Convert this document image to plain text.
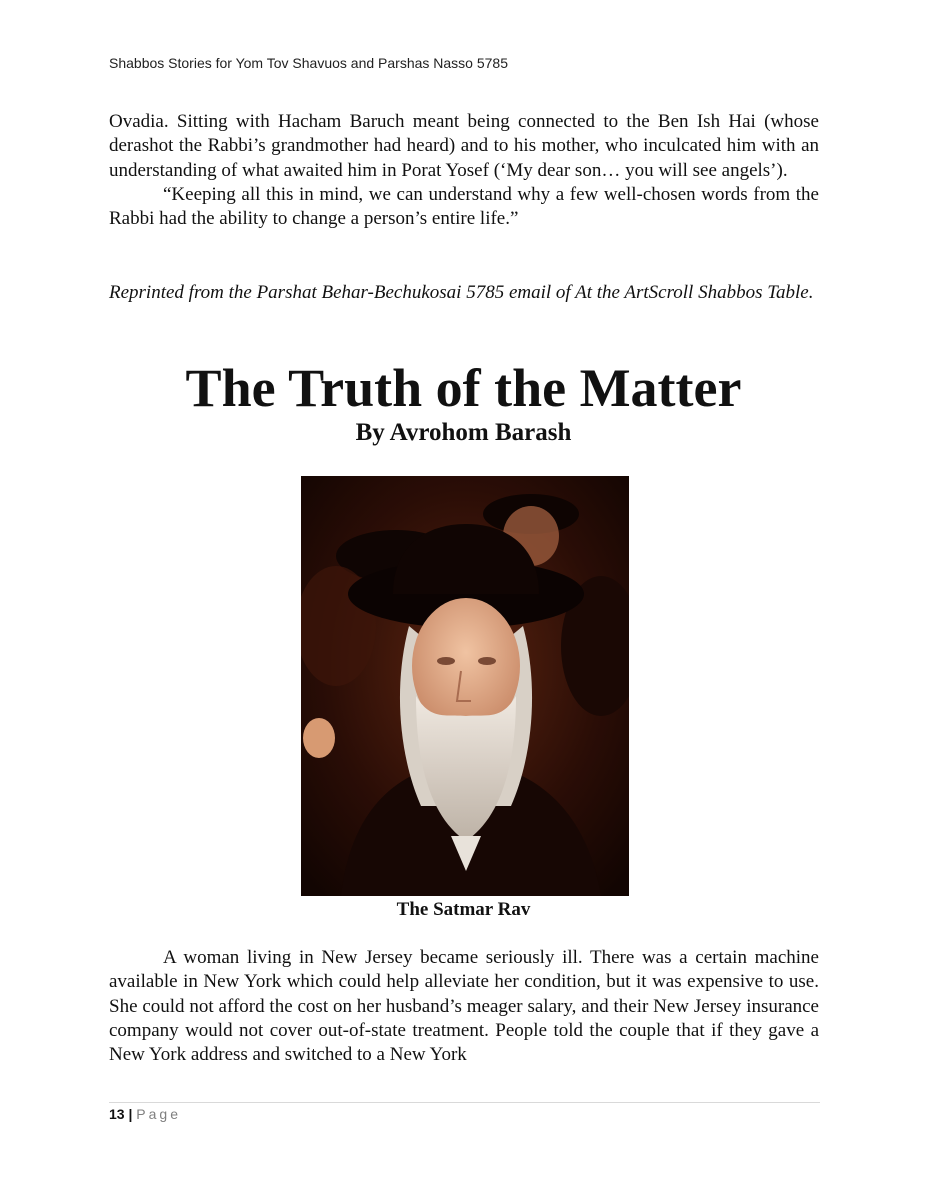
Shabbos Stories for Yom Tov Shavuos and Parshas Nasso 5785

Ovadia. Sitting with Hacham Baruch meant being connected to the Ben Ish Hai (whose derashot the Rabbi’s grandmother had heard) and to his mother, who inculcated him with an understanding of what awaited him in Porat Yosef (‘My dear son… you will see angels’).

“Keeping all this in mind, we can understand why a few well-chosen words from the Rabbi had the ability to change a person’s entire life.”

Reprinted from the Parshat Behar-Bechukosai 5785 email of At the ArtScroll Shabbos Table.

The Truth of the Matter
By Avrohom Barash
The Satmar Rav

A woman living in New Jersey became seriously ill. There was a certain machine available in New York which could help alleviate her condition, but it was expensive to use. She could not afford the cost on her husband’s meager salary, and their New Jersey insurance company would not cover out-of-state treatment. People told the couple that if they gave a New York address and switched to a New York

13 | Page
